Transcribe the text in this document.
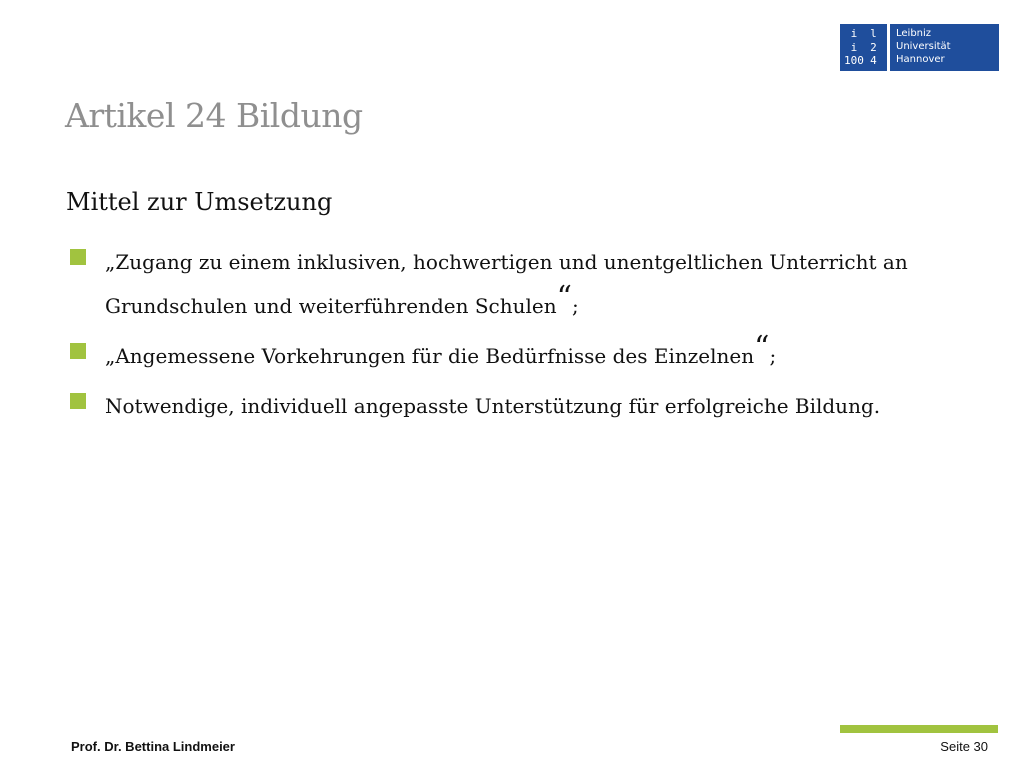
i	l
i	2
100 4
Leibniz
Universität
Hannover
Artikel 24 Bildung
Mittel zur Umsetzung
„Zugang zu einem inklusiven, hochwertigen und unentgeltlichen Unterricht an Grundschulen und weiterführenden Schulen“;
„Angemessene Vorkehrungen für die Bedürfnisse des Einzelnen“;
Notwendige, individuell angepasste Unterstützung für erfolgreiche Bildung.
Prof. Dr. Bettina Lindmeier	Seite 30
